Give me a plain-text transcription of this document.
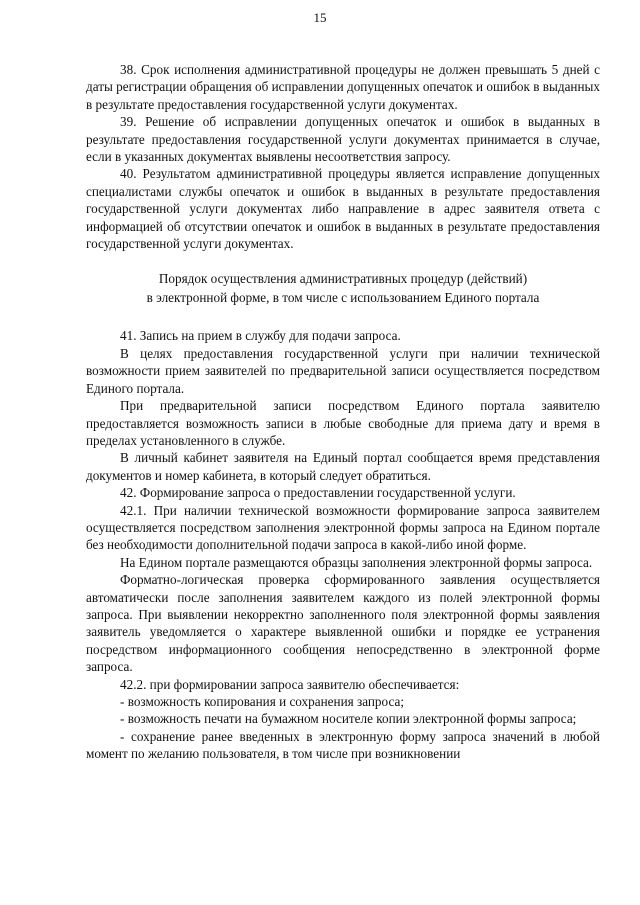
15

38. Срок исполнения административной процедуры не должен превышать 5 дней с даты регистрации обращения об исправлении допущенных опечаток и ошибок в выданных в результате предоставления государственной услуги документах.

39. Решение об исправлении допущенных опечаток и ошибок в выданных в результате предоставления государственной услуги документах принимается в случае, если в указанных документах выявлены несоответствия запросу.

40. Результатом административной процедуры является исправление допущенных специалистами службы опечаток и ошибок в выданных в результате предоставления государственной услуги документах либо направление в адрес заявителя ответа с информацией об отсутствии опечаток и ошибок в выданных в результате предоставления государственной услуги документах.

Порядок осуществления административных процедур (действий)
в электронной форме, в том числе с использованием Единого портала

41. Запись на прием в службу для подачи запроса.

В целях предоставления государственной услуги при наличии технической возможности прием заявителей по предварительной записи осуществляется посредством Единого портала.

При предварительной записи посредством Единого портала заявителю предоставляется возможность записи в любые свободные для приема дату и время в пределах установленного в службе.

В личный кабинет заявителя на Единый портал сообщается время представления документов и номер кабинета, в который следует обратиться.

42. Формирование запроса о предоставлении государственной услуги.

42.1. При наличии технической возможности формирование запроса заявителем осуществляется посредством заполнения электронной формы запроса на Едином портале без необходимости дополнительной подачи запроса в какой-либо иной форме.

На Едином портале размещаются образцы заполнения электронной формы запроса.

Форматно-логическая проверка сформированного заявления осуществляется автоматически после заполнения заявителем каждого из полей электронной формы запроса. При выявлении некорректно заполненного поля электронной формы заявления заявитель уведомляется о характере выявленной ошибки и порядке ее устранения посредством информационного сообщения непосредственно в электронной форме запроса.

42.2. при формировании запроса заявителю обеспечивается:

- возможность копирования и сохранения запроса;

- возможность печати на бумажном носителе копии электронной формы запроса;

- сохранение ранее введенных в электронную форму запроса значений в любой момент по желанию пользователя, в том числе при возникновении
